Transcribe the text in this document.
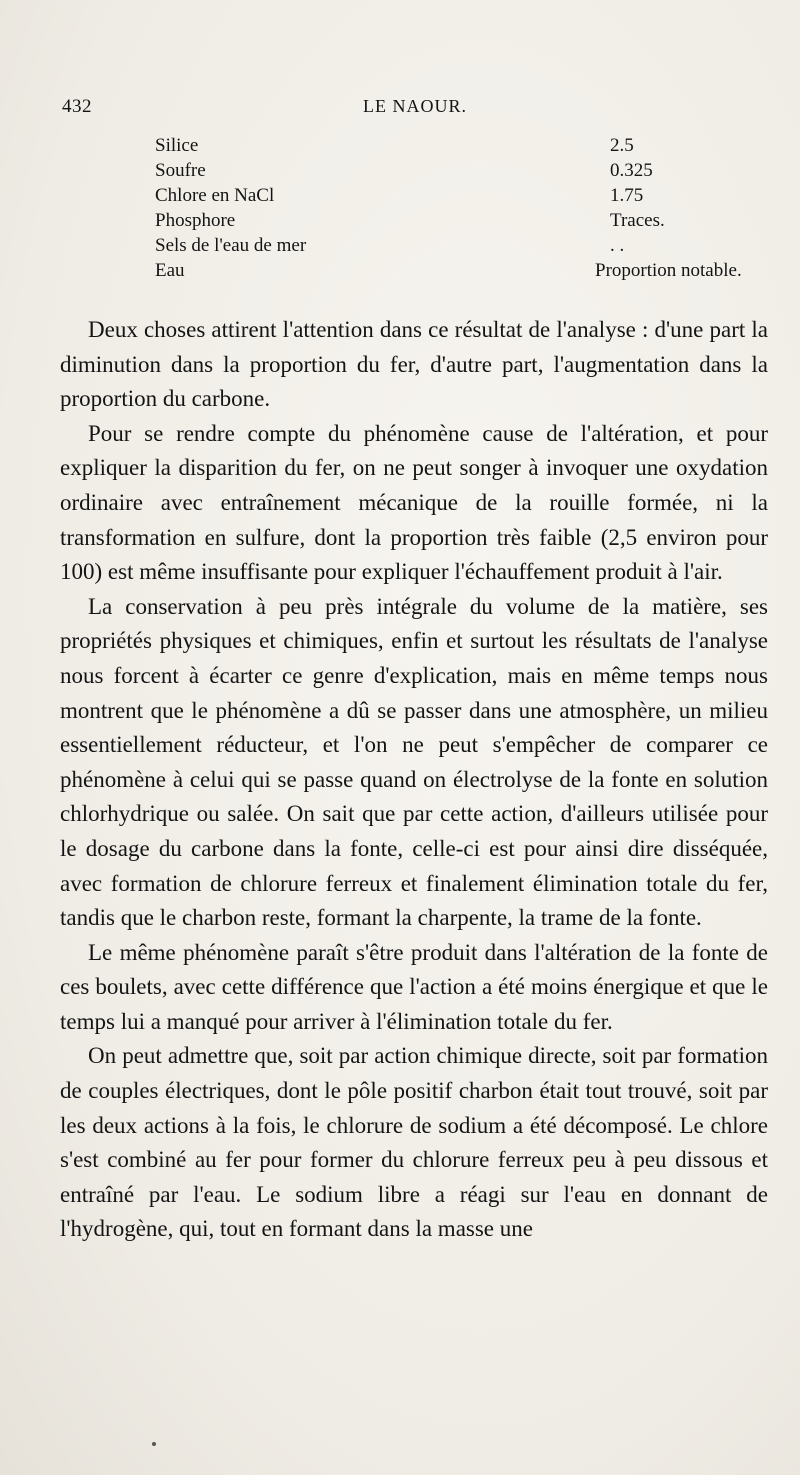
432	LE NAOUR.
Silice	2.5
Soufre	0.325
Chlore en NaCl	1.75
Phosphore	Traces.
Sels de l'eau de mer	. .
Eau	Proportion notable.

Deux choses attirent l'attention dans ce résultat de l'analyse : d'une part la diminution dans la proportion du fer, d'autre part, l'augmentation dans la proportion du carbone.

Pour se rendre compte du phénomène cause de l'altération, et pour expliquer la disparition du fer, on ne peut songer à invoquer une oxydation ordinaire avec entraînement mécanique de la rouille formée, ni la transformation en sulfure, dont la proportion très faible (2,5 environ pour 100) est même insuffisante pour expliquer l'échauffement produit à l'air.

La conservation à peu près intégrale du volume de la matière, ses propriétés physiques et chimiques, enfin et surtout les résultats de l'analyse nous forcent à écarter ce genre d'explication, mais en même temps nous montrent que le phénomène a dû se passer dans une atmosphère, un milieu essentiellement réducteur, et l'on ne peut s'empêcher de comparer ce phénomène à celui qui se passe quand on électrolyse de la fonte en solution chlorhydrique ou salée. On sait que par cette action, d'ailleurs utilisée pour le dosage du carbone dans la fonte, celle-ci est pour ainsi dire disséquée, avec formation de chlorure ferreux et finalement élimination totale du fer, tandis que le charbon reste, formant la charpente, la trame de la fonte.

Le même phénomène paraît s'être produit dans l'altération de la fonte de ces boulets, avec cette différence que l'action a été moins énergique et que le temps lui a manqué pour arriver à l'élimination totale du fer.

On peut admettre que, soit par action chimique directe, soit par formation de couples électriques, dont le pôle positif charbon était tout trouvé, soit par les deux actions à la fois, le chlorure de sodium a été décomposé. Le chlore s'est combiné au fer pour former du chlorure ferreux peu à peu dissous et entraîné par l'eau. Le sodium libre a réagi sur l'eau en donnant de l'hydrogène, qui, tout en formant dans la masse une
